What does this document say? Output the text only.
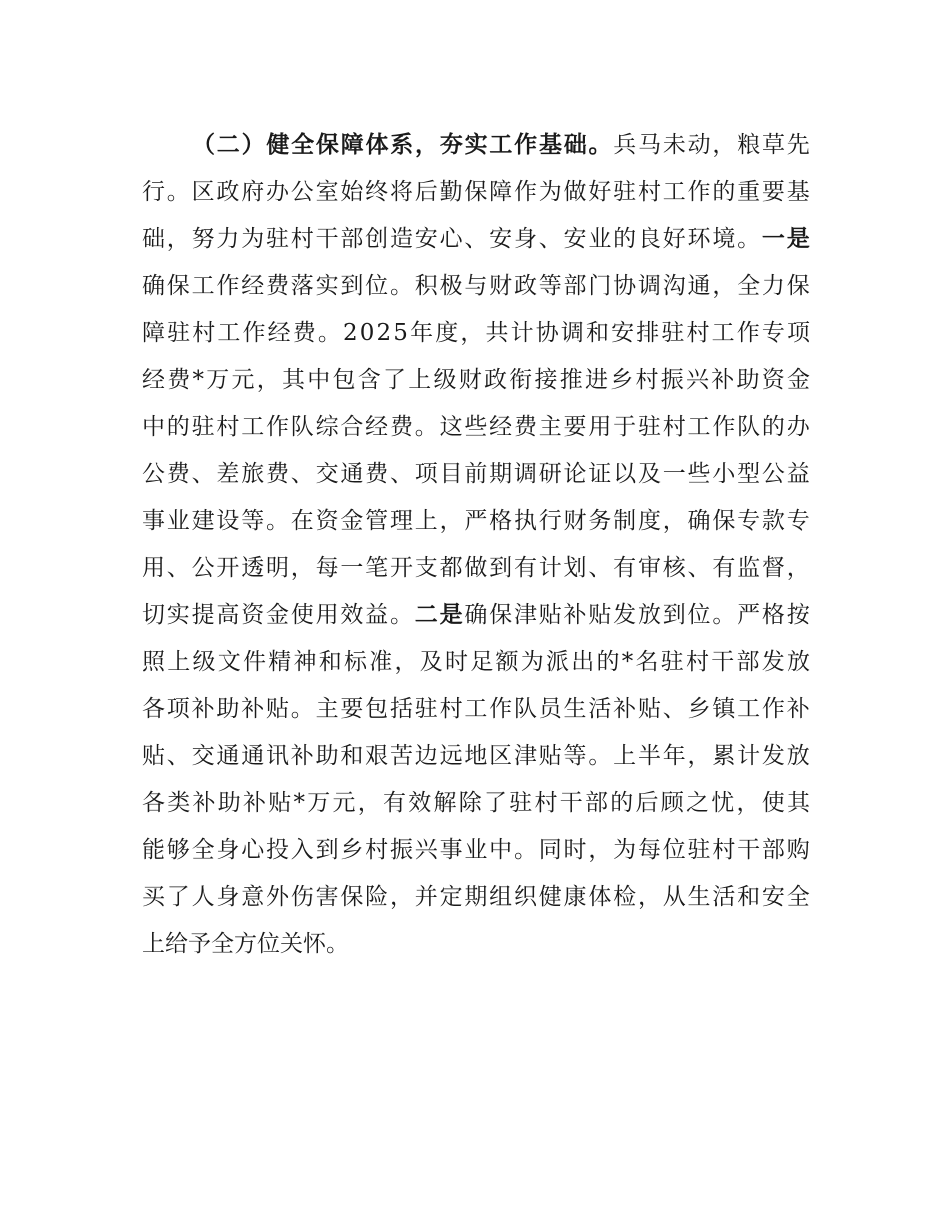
（ 二 ） 健 全 保 障 体 系 ， 夯 实 工 作 基 础 。 兵 马 未 动 ， 粮 草 先
行 。 区 政 府 办 公 室 始 终 将 后 勤 保 障 作 为 做 好 驻 村 工 作 的 重 要 基
础 ， 努 力 为 驻 村 干 部 创 造 安 心 、 安 身 、 安 业 的 良 好 环 境 。 一 是
确 保 工 作 经 费 落 实 到 位 。 积 极 与 财 政 等 部 门 协 调 沟 通 ， 全 力 保
障 驻 村 工 作 经 费 。 2 0 2 5 年 度 ， 共 计 协 调 和 安 排 驻 村 工 作 专 项
经 费 * 万 元 ， 其 中 包 含 了 上 级 财 政 衔 接 推 进 乡 村 振 兴 补 助 资 金
中 的 驻 村 工 作 队 综 合 经 费 。 这 些 经 费 主 要 用 于 驻 村 工 作 队 的 办
公 费 、 差 旅 费 、 交 通 费 、 项 目 前 期 调 研 论 证 以 及 一 些 小 型 公 益
事 业 建 设 等 。 在 资 金 管 理 上 ， 严 格 执 行 财 务 制 度 ， 确 保 专 款 专
用 、 公 开 透 明 ， 每 一 笔 开 支 都 做 到 有 计 划 、 有 审 核 、 有 监 督 ，
切 实 提 高 资 金 使 用 效 益 。 二 是 确 保 津 贴 补 贴 发 放 到 位 。 严 格 按
照 上 级 文 件 精 神 和 标 准 ， 及 时 足 额 为 派 出 的 * 名 驻 村 干 部 发 放
各 项 补 助 补 贴 。 主 要 包 括 驻 村 工 作 队 员 生 活 补 贴 、 乡 镇 工 作 补
贴 、 交 通 通 讯 补 助 和 艰 苦 边 远 地 区 津 贴 等 。 上 半 年 ， 累 计 发 放
各 类 补 助 补 贴 * 万 元 ， 有 效 解 除 了 驻 村 干 部 的 后 顾 之 忧 ， 使 其
能 够 全 身 心 投 入 到 乡 村 振 兴 事 业 中 。 同 时 ， 为 每 位 驻 村 干 部 购
买 了 人 身 意 外 伤 害 保 险 ， 并 定 期 组 织 健 康 体 检 ， 从 生 活 和 安 全
上给予全方位关怀。
